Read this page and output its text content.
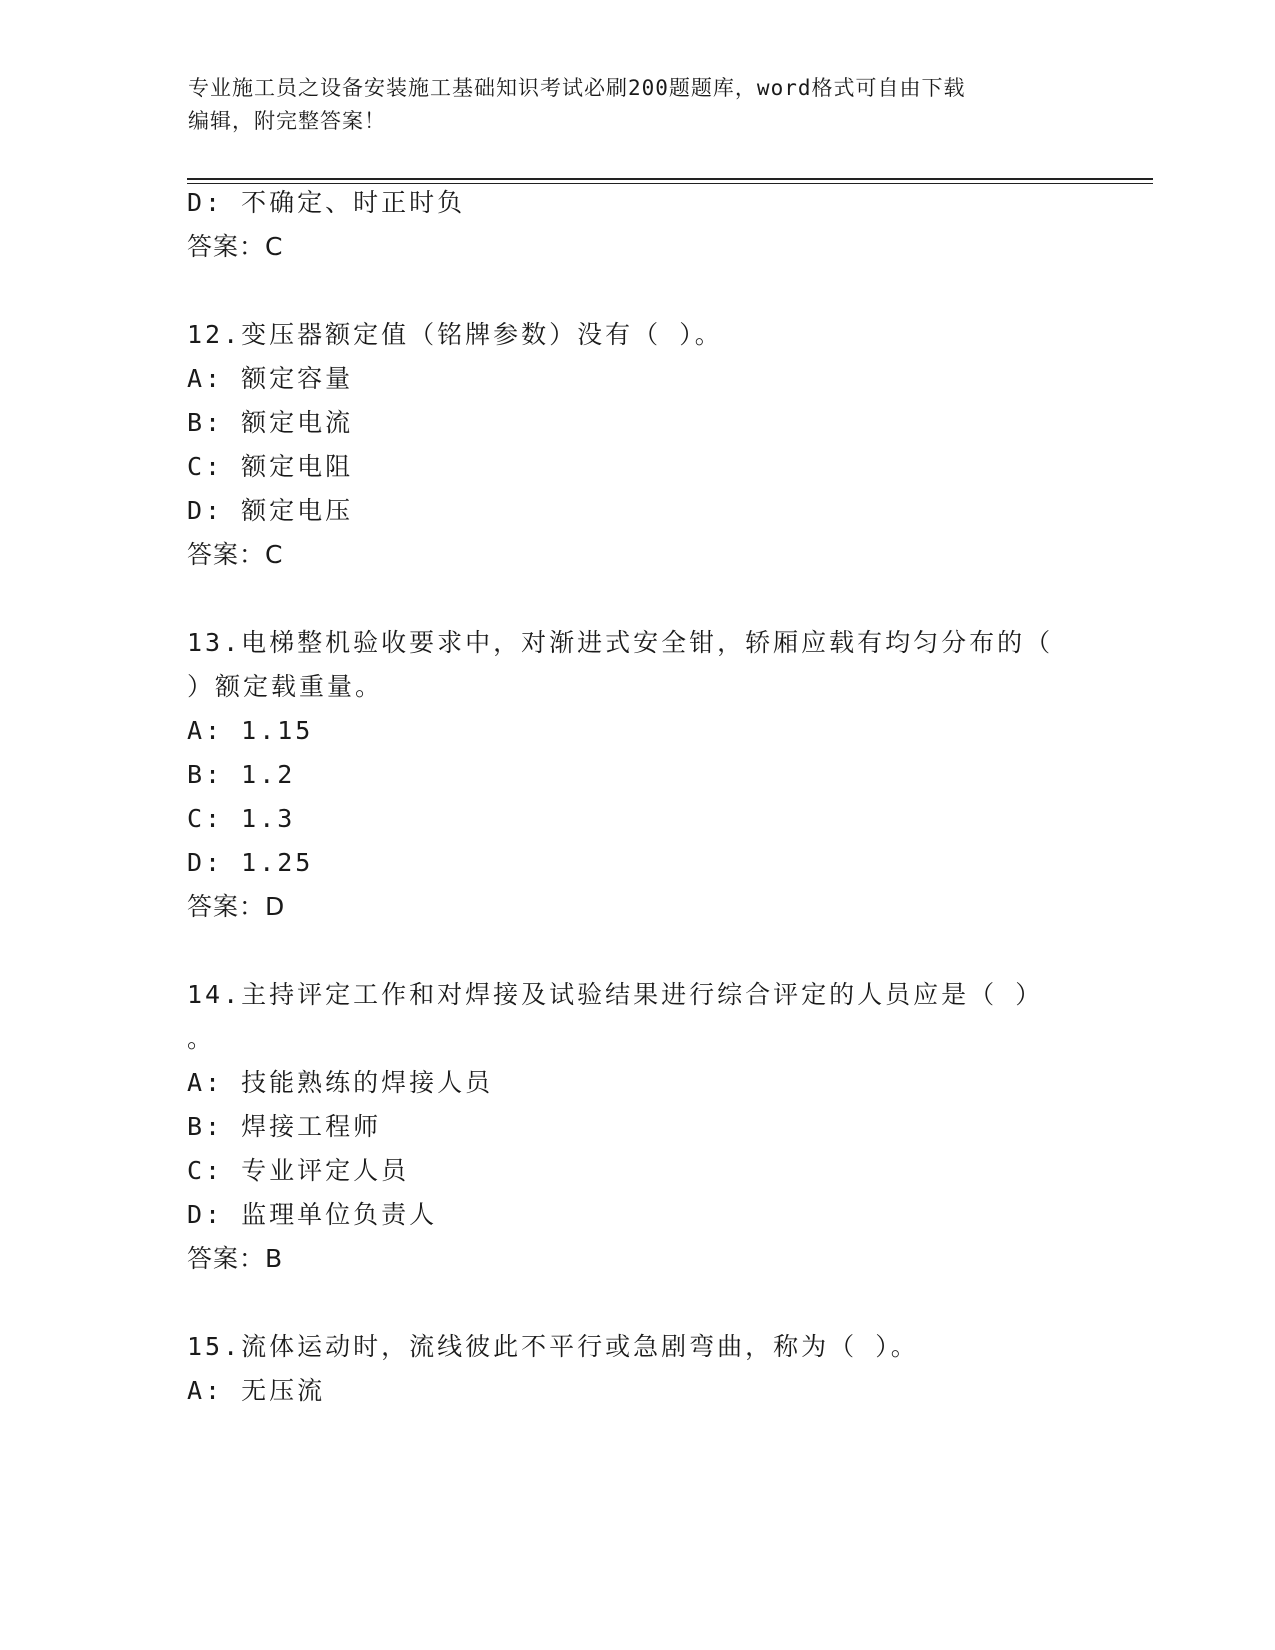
专业施工员之设备安装施工基础知识考试必刷200题题库，word格式可自由下载
编辑，附完整答案！
D: 不确定、时正时负
答案：C
12.变压器额定值（铭牌参数）没有（ ）。
A: 额定容量
B: 额定电流
C: 额定电阻
D: 额定电压
答案：C
13.电梯整机验收要求中，对渐进式安全钳，轿厢应载有均匀分布的（
）额定载重量。
A: 1.15
B: 1.2
C: 1.3
D: 1.25
答案：D
14.主持评定工作和对焊接及试验结果进行综合评定的人员应是（ ）
。
A: 技能熟练的焊接人员
B: 焊接工程师
C: 专业评定人员
D: 监理单位负责人
答案：B
15.流体运动时，流线彼此不平行或急剧弯曲，称为（ ）。
A: 无压流
